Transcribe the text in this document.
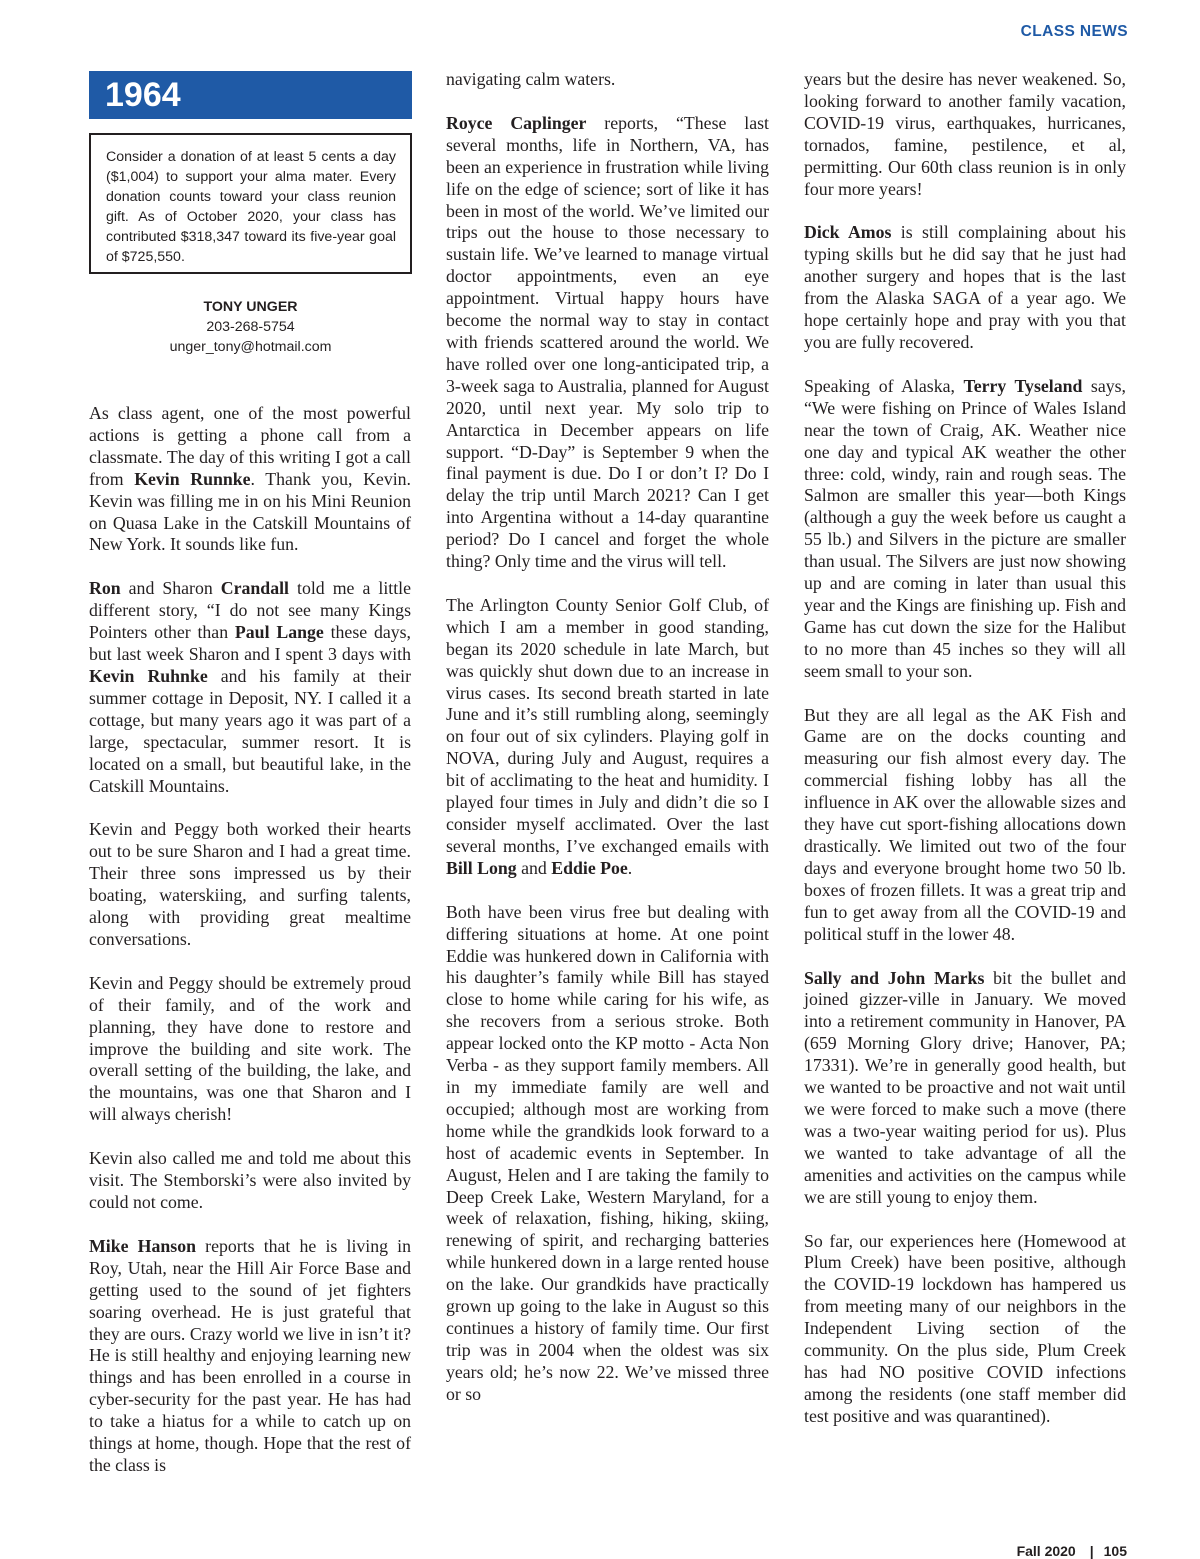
CLASS NEWS
1964
Consider a donation of at least 5 cents a day ($1,004) to support your alma mater. Every donation counts toward your class reunion gift. As of October 2020, your class has contributed $318,347 toward its five-year goal of $725,550.
TONY UNGER
203-268-5754
unger_tony@hotmail.com

As class agent, one of the most powerful actions is getting a phone call from a classmate. The day of this writing I got a call from Kevin Runnke. Thank you, Kevin. Kevin was filling me in on his Mini Reunion on Quasa Lake in the Catskill Mountains of New York. It sounds like fun.

Ron and Sharon Crandall told me a little different story, “I do not see many Kings Pointers other than Paul Lange these days, but last week Sharon and I spent 3 days with Kevin Ruhnke and his family at their summer cottage in Deposit, NY. I called it a cottage, but many years ago it was part of a large, spectacular, summer resort. It is located on a small, but beautiful lake, in the Catskill Mountains.

Kevin and Peggy both worked their hearts out to be sure Sharon and I had a great time. Their three sons impressed us by their boating, waterskiing, and surfing talents, along with providing great mealtime conversations.

Kevin and Peggy should be extremely proud of their family, and of the work and planning, they have done to restore and improve the building and site work. The overall setting of the building, the lake, and the mountains, was one that Sharon and I will always cherish!

Kevin also called me and told me about this visit. The Stemborski’s were also invited by could not come.

Mike Hanson reports that he is living in Roy, Utah, near the Hill Air Force Base and getting used to the sound of jet fighters soaring overhead. He is just grateful that they are ours. Crazy world we live in isn’t it? He is still healthy and enjoying learning new things and has been enrolled in a course in cyber-security for the past year. He has had to take a hiatus for a while to catch up on things at home, though. Hope that the rest of the class is

navigating calm waters.

Royce Caplinger reports, “These last several months, life in Northern, VA, has been an experience in frustration while living life on the edge of science; sort of like it has been in most of the world. We’ve limited our trips out the house to those necessary to sustain life. We’ve learned to manage virtual doctor appointments, even an eye appointment. Virtual happy hours have become the normal way to stay in contact with friends scattered around the world. We have rolled over one long-anticipated trip, a 3-week saga to Australia, planned for August 2020, until next year. My solo trip to Antarctica in December appears on life support. “D-Day” is September 9 when the final payment is due. Do I or don’t I? Do I delay the trip until March 2021? Can I get into Argentina without a 14-day quarantine period? Do I cancel and forget the whole thing? Only time and the virus will tell.

The Arlington County Senior Golf Club, of which I am a member in good standing, began its 2020 schedule in late March, but was quickly shut down due to an increase in virus cases. Its second breath started in late June and it’s still rumbling along, seemingly on four out of six cylinders. Playing golf in NOVA, during July and August, requires a bit of acclimating to the heat and humidity. I played four times in July and didn’t die so I consider myself acclimated. Over the last several months, I’ve exchanged emails with Bill Long and Eddie Poe.

Both have been virus free but dealing with differing situations at home. At one point Eddie was hunkered down in California with his daughter’s family while Bill has stayed close to home while caring for his wife, as she recovers from a serious stroke. Both appear locked onto the KP motto - Acta Non Verba - as they support family members. All in my immediate family are well and occupied; although most are working from home while the grandkids look forward to a host of academic events in September. In August, Helen and I are taking the family to Deep Creek Lake, Western Maryland, for a week of relaxation, fishing, hiking, skiing, renewing of spirit, and recharging batteries while hunkered down in a large rented house on the lake. Our grandkids have practically grown up going to the lake in August so this continues a history of family time. Our first trip was in 2004 when the oldest was six years old; he’s now 22. We’ve missed three or so

years but the desire has never weakened. So, looking forward to another family vacation, COVID-19 virus, earthquakes, hurricanes, tornados, famine, pestilence, et al, permitting. Our 60th class reunion is in only four more years!

Dick Amos is still complaining about his typing skills but he did say that he just had another surgery and hopes that is the last from the Alaska SAGA of a year ago. We hope certainly hope and pray with you that you are fully recovered.

Speaking of Alaska, Terry Tyseland says, “We were fishing on Prince of Wales Island near the town of Craig, AK. Weather nice one day and typical AK weather the other three: cold, windy, rain and rough seas. The Salmon are smaller this year—both Kings (although a guy the week before us caught a 55 lb.) and Silvers in the picture are smaller than usual. The Silvers are just now showing up and are coming in later than usual this year and the Kings are finishing up. Fish and Game has cut down the size for the Halibut to no more than 45 inches so they will all seem small to your son.

But they are all legal as the AK Fish and Game are on the docks counting and measuring our fish almost every day. The commercial fishing lobby has all the influence in AK over the allowable sizes and they have cut sport-fishing allocations down drastically. We limited out two of the four days and everyone brought home two 50 lb. boxes of frozen fillets. It was a great trip and fun to get away from all the COVID-19 and political stuff in the lower 48.

Sally and John Marks bit the bullet and joined gizzer-ville in January. We moved into a retirement community in Hanover, PA (659 Morning Glory drive; Hanover, PA; 17331). We’re in generally good health, but we wanted to be proactive and not wait until we were forced to make such a move (there was a two-year waiting period for us). Plus we wanted to take advantage of all the amenities and activities on the campus while we are still young to enjoy them.

So far, our experiences here (Homewood at Plum Creek) have been positive, although the COVID-19 lockdown has hampered us from meeting many of our neighbors in the Independent Living section of the community. On the plus side, Plum Creek has had NO positive COVID infections among the residents (one staff member did test positive and was quarantined).

Fall 2020 | 105
